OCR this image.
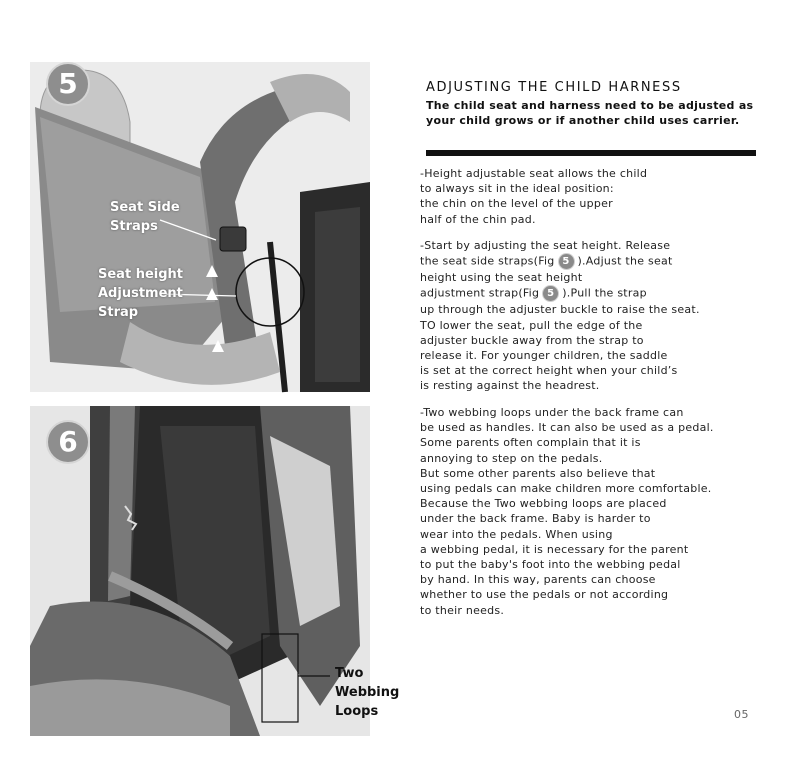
5
Seat Side
Straps
Seat height
Adjustment
Strap
6
Two
Webbing
Loops
ADJUSTING THE CHILD HARNESS

The child seat and harness need to be adjusted as your child grows or if another child uses carrier.

-Height adjustable seat allows the child
to always sit in the ideal position:
the chin on the level of the upper
half of the chin pad.

-Start by adjusting the seat height. Release
the seat side straps(Fig 5 ).Adjust the seat
height using the seat height
adjustment strap(Fig 5 ).Pull the strap
up through the adjuster buckle to raise the seat.
TO lower the seat, pull the edge of the
adjuster buckle away from the strap to
release it. For younger children, the saddle
is set at the correct height when your child’s
is resting against the headrest.

-Two webbing loops under the back frame can
be used as handles. It can also be used as a pedal.
Some parents often complain that it is
annoying to step on the pedals.
But some other parents also believe that
using pedals can make children more comfortable.
Because the Two webbing loops are placed
under the back frame. Baby is harder to
wear into the pedals. When using
a webbing pedal, it is necessary for the parent
to put the baby's foot into the webbing pedal
by hand. In this way, parents can choose
whether to use the pedals or not according
to their needs.

05
